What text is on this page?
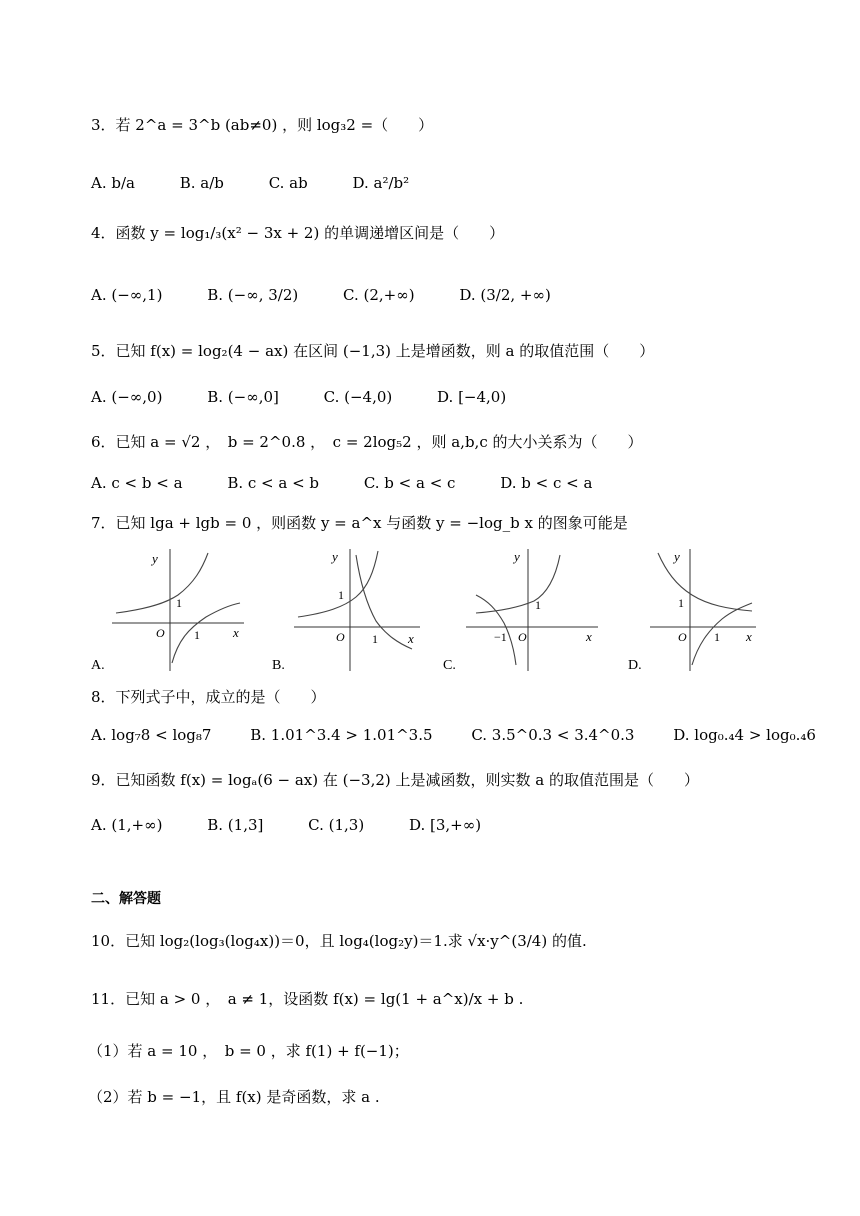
3．若 2^a = 3^b (ab≠0) ，则 log₃2 =（　　）
A. b/a	B. a/b	C. ab	D. a²/b²
4．函数 y = log₁/₃(x² − 3x + 2) 的单调递增区间是（　　）
A. (−∞,1)	B. (−∞, 3/2)	C. (2,+∞)	D. (3/2, +∞)
5．已知 f(x) = log₂(4 − ax) 在区间 (−1,3) 上是增函数，则 a 的取值范围（　　）
A. (−∞,0)	B. (−∞,0]	C. (−4,0)	D. [−4,0)
6．已知 a = √2 ，　b = 2^0.8 ，　c = 2log₅2 ，则 a,b,c 的大小关系为（　　）
A. c < b < a	B. c < a < b	C. b < a < c	D. b < c < a
7．已知 lga + lgb = 0 ，则函数 y = a^x 与函数 y = −log_b x 的图象可能是
y
x
O
1
1
A.
y
x
O
1
1
B.
y
x
O
1
−1
C.
y
x
O
1
1
D.
8．下列式子中，成立的是（　　）
A. log₇8 < log₈7	B. 1.01^3.4 > 1.01^3.5	C. 3.5^0.3 < 3.4^0.3	D. log₀.₄4 > log₀.₄6
9．已知函数 f(x) = logₐ(6 − ax) 在 (−3,2) 上是减函数，则实数 a 的取值范围是（　　）
A. (1,+∞)	B. (1,3]	C. (1,3)	D. [3,+∞)
二、解答题
10．已知 log₂(log₃(log₄x))＝0，且 log₄(log₂y)＝1.求 √x·y^(3/4) 的值.
11．已知 a > 0 ，　a ≠ 1，设函数 f(x) = lg(1 + a^x)/x + b .
（1）若 a = 10 ，　b = 0 ，求 f(1) + f(−1)；
（2）若 b = −1，且 f(x) 是奇函数，求 a .
